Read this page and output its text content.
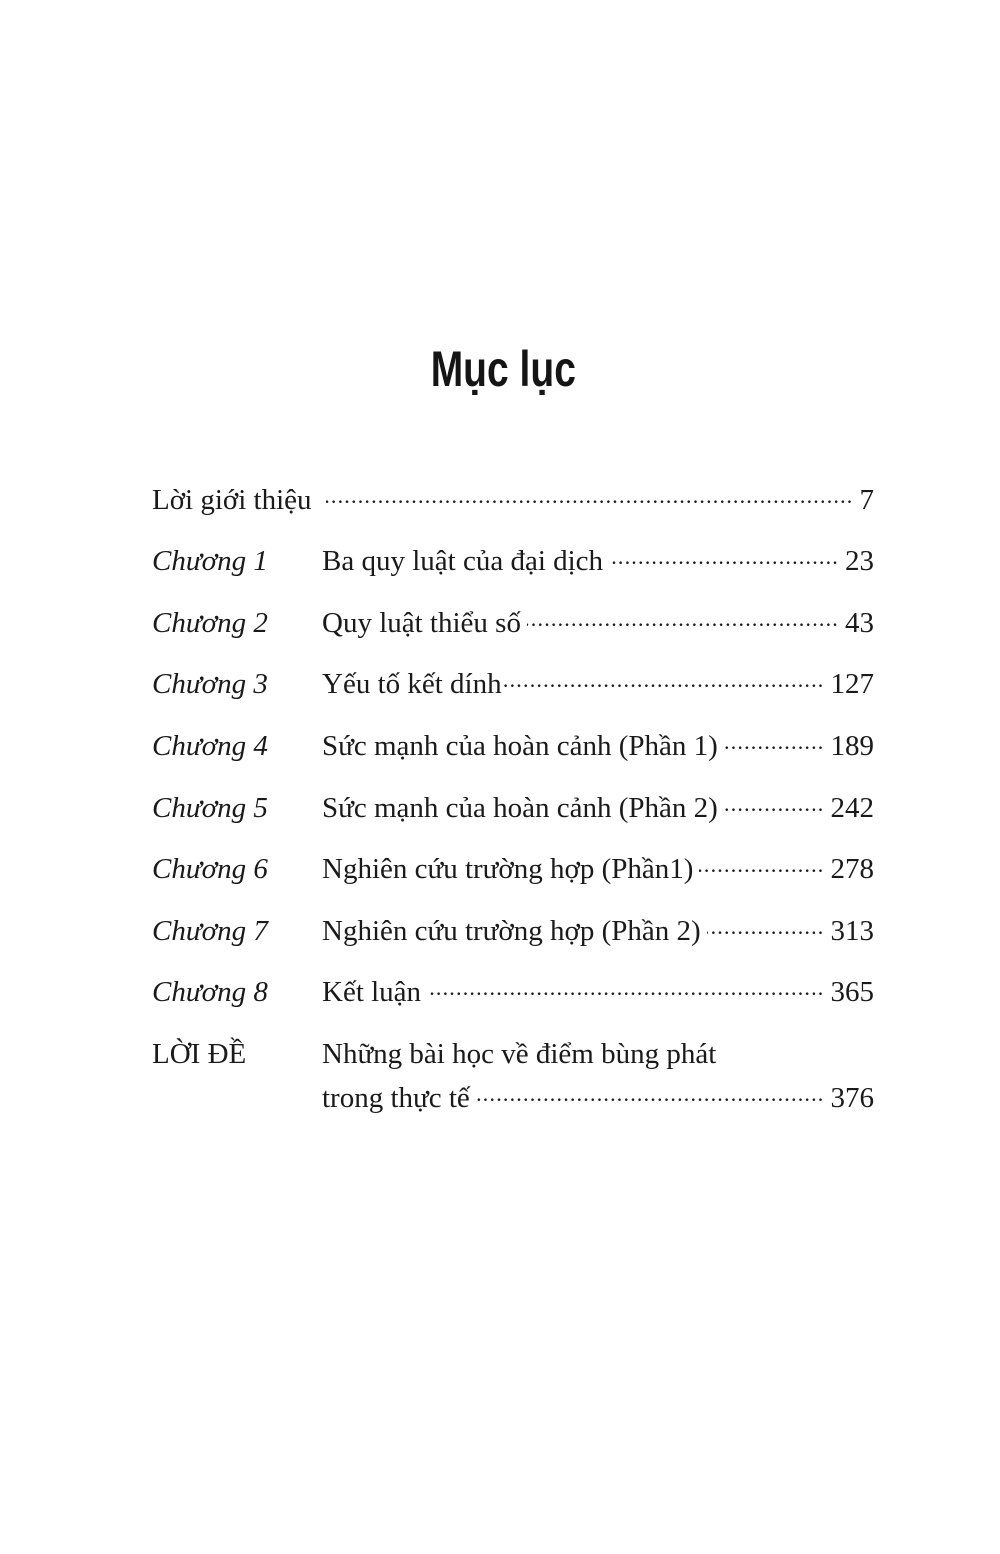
Mục lục
Lời giới thiệu .....	7
Chương 1 Ba quy luật của đại dịch .....	23
Chương 2 Quy luật thiểu số .....	43
Chương 3 Yếu tố kết dính .....	127
Chương 4 Sức mạnh của hoàn cảnh (Phần 1) .....	189
Chương 5 Sức mạnh của hoàn cảnh (Phần 2) .....	242
Chương 6 Nghiên cứu trường hợp (Phần1) .....	278
Chương 7 Nghiên cứu trường hợp (Phần 2) .....	313
Chương 8 Kết luận .....	365
LỜI ĐỀ	Những bài học về điểm bùng phát
trong thực tế .....	376
